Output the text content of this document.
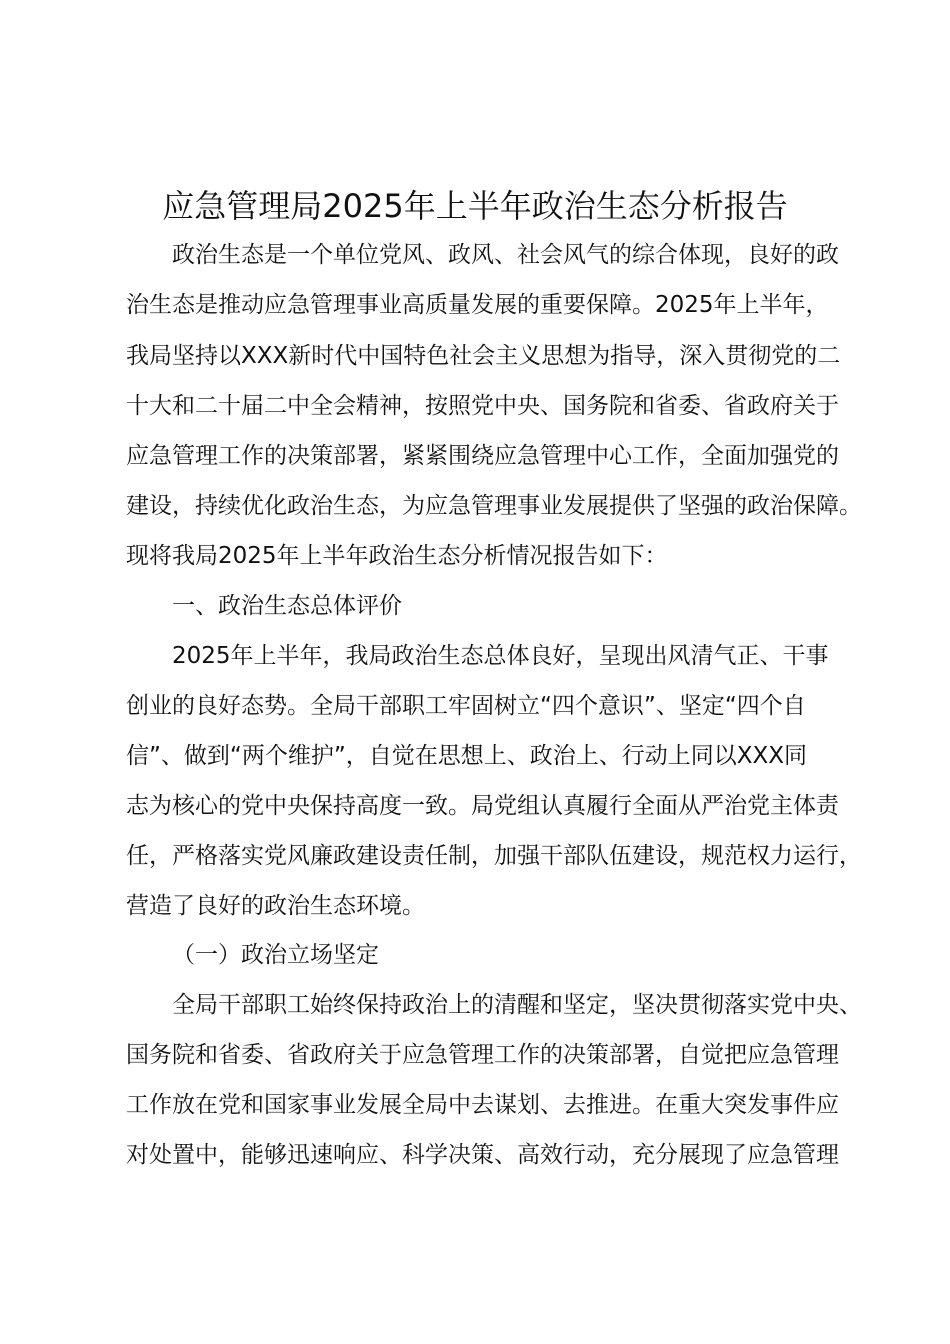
应急管理局2025年上半年政治生态分析报告
政治生态是一个单位党风、政风、社会风气的综合体现，良好的政
治生态是推动应急管理事业高质量发展的重要保障。2025年上半年，
我局坚持以XXX新时代中国特色社会主义思想为指导，深入贯彻党的二
十大和二十届二中全会精神，按照党中央、国务院和省委、省政府关于
应急管理工作的决策部署，紧紧围绕应急管理中心工作，全面加强党的
建设，持续优化政治生态，为应急管理事业发展提供了坚强的政治保障。
现将我局2025年上半年政治生态分析情况报告如下：
一、政治生态总体评价
2025年上半年，我局政治生态总体良好，呈现出风清气正、干事
创业的良好态势。全局干部职工牢固树立“四个意识”、坚定“四个自
信”、做到“两个维护”，自觉在思想上、政治上、行动上同以XXX同
志为核心的党中央保持高度一致。局党组认真履行全面从严治党主体责
任，严格落实党风廉政建设责任制，加强干部队伍建设，规范权力运行，
营造了良好的政治生态环境。
（一）政治立场坚定
全局干部职工始终保持政治上的清醒和坚定，坚决贯彻落实党中央、
国务院和省委、省政府关于应急管理工作的决策部署，自觉把应急管理
工作放在党和国家事业发展全局中去谋划、去推进。在重大突发事件应
对处置中，能够迅速响应、科学决策、高效行动，充分展现了应急管理
